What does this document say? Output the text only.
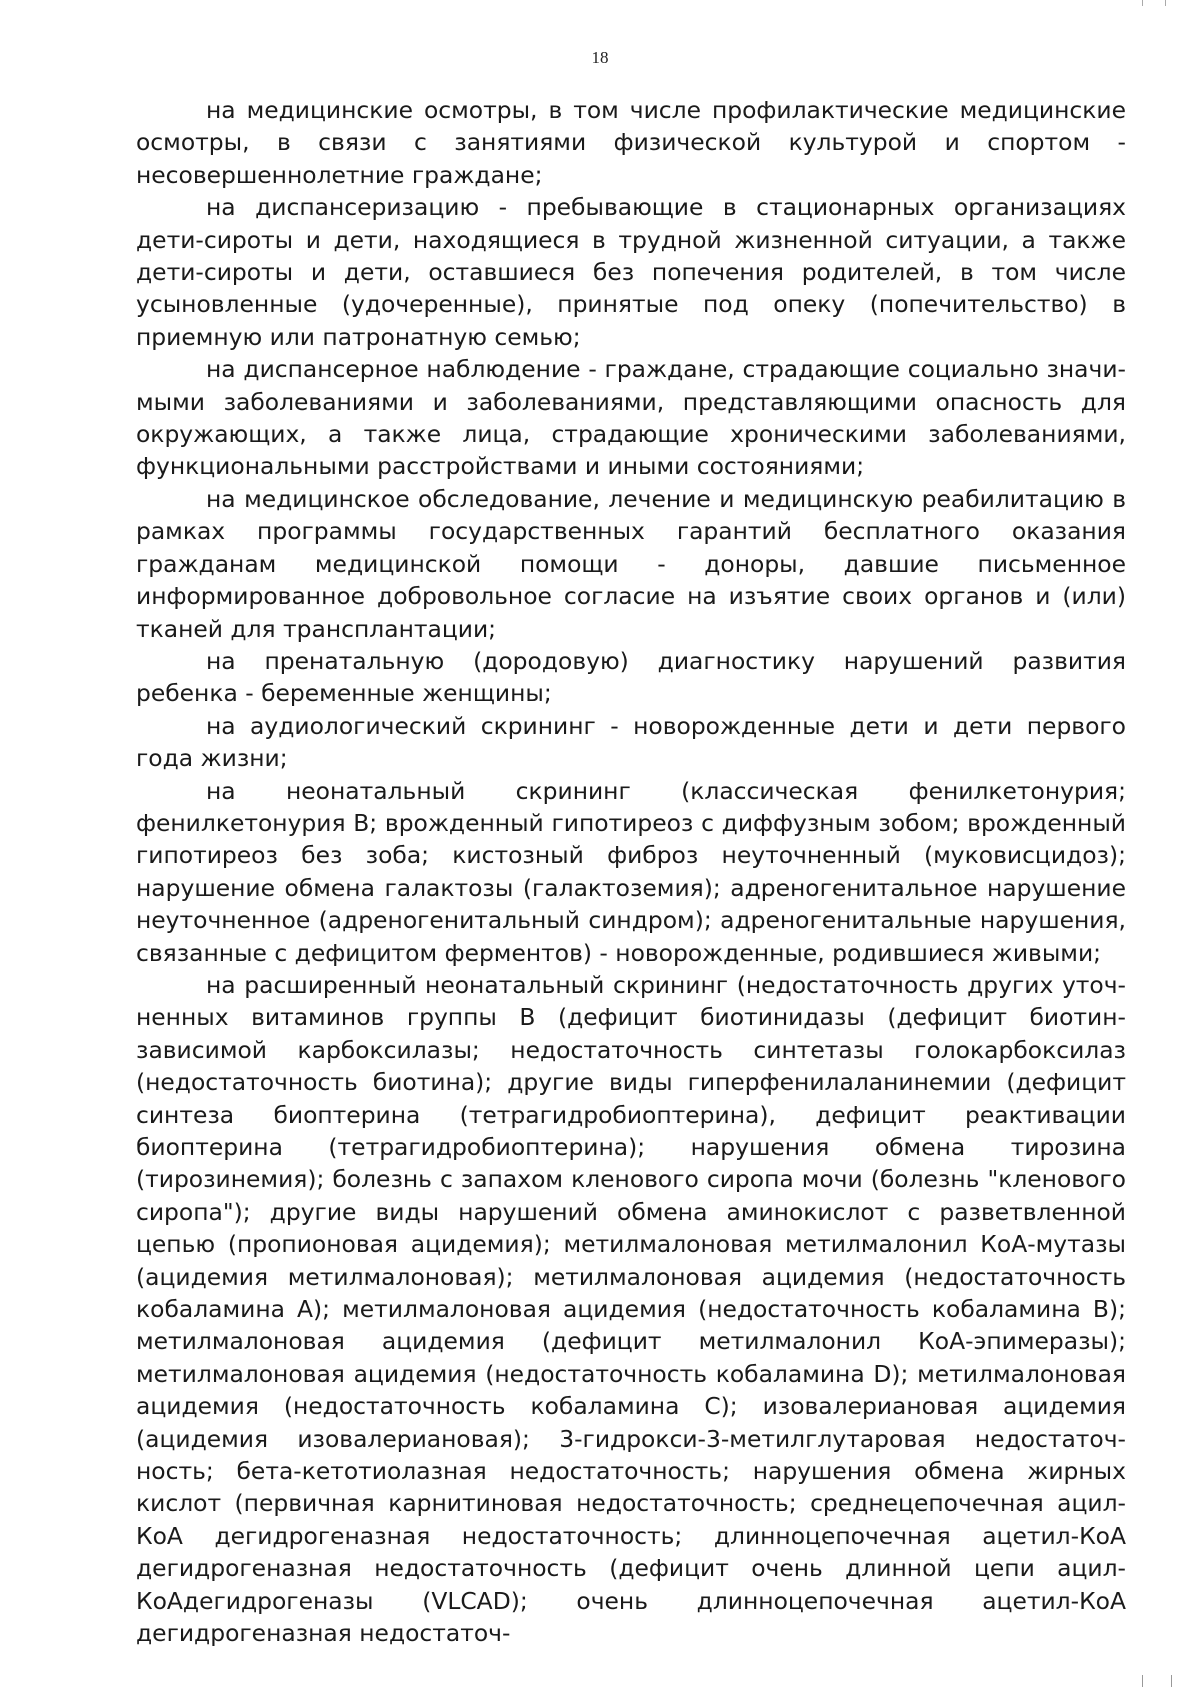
18

на медицинские осмотры, в том числе профилактические медицинские осмотры, в связи с занятиями физической культурой и спортом - несовершеннолетние граждане;

на диспансеризацию - пребывающие в стационарных организациях дети-сироты и дети, находящиеся в трудной жизненной ситуации, а также дети-сироты и дети, оставшиеся без попечения родителей, в том числе усыновленные (удочеренные), принятые под опеку (попечительство) в приемную или патронатную семью;

на диспансерное наблюдение - граждане, страдающие социально значимыми заболеваниями и заболеваниями, представляющими опасность для окружающих, а также лица, страдающие хроническими заболеваниями, функциональными расстройствами и иными состояниями;

на медицинское обследование, лечение и медицинскую реабилитацию в рамках программы государственных гарантий бесплатного оказания гражданам медицинской помощи - доноры, давшие письменное информированное добровольное согласие на изъятие своих органов и (или) тканей для трансплантации;

на пренатальную (дородовую) диагностику нарушений развития ребенка - беременные женщины;

на аудиологический скрининг - новорожденные дети и дети первого года жизни;

на неонатальный скрининг (классическая фенилкетонурия; фенилкетонурия В; врожденный гипотиреоз с диффузным зобом; врожденный гипотиреоз без зоба; кистозный фиброз неуточненный (муковисцидоз); нарушение обмена галактозы (галактоземия); адреногенитальное нарушение неуточненное (адреногенитальный синдром); адреногенитальные нарушения, связанные с дефицитом ферментов) - новорожденные, родившиеся живыми;

на расширенный неонатальный скрининг (недостаточность других уточненных витаминов группы В (дефицит биотинидазы (дефицит биотин-зависимой карбоксилазы; недостаточность синтетазы голокарбоксилаз (недостаточность биотина); другие виды гиперфенилаланинемии (дефицит синтеза биоптерина (тетрагидробиоптерина), дефицит реактивации биоптерина (тетрагидробиоптерина); нарушения обмена тирозина (тирозинемия); болезнь с запахом кленового сиропа мочи (болезнь "кленового сиропа"); другие виды нарушений обмена аминокислот с разветвленной цепью (пропионовая ацидемия); метилмалоновая метилмалонил КоА-мутазы (ацидемия метилмалоновая); метилмалоновая ацидемия (недостаточность кобаламина А); метилмалоновая ацидемия (недостаточность кобаламина В); метилмалоновая ацидемия (дефицит метилмалонил КоА-эпимеразы); метилмалоновая ацидемия (недостаточность кобаламина D); метилмалоновая ацидемия (недостаточность кобаламина С); изовалериановая ацидемия (ацидемия изовалериановая); 3-гидрокси-3-метилглутаровая недостаточность; бета-кетотиолазная недостаточность; нарушения обмена жирных кислот (первичная карнитиновая недостаточность; среднецепочечная ацил-КоА дегидрогеназная недостаточность; длинноцепочечная ацетил-КоА дегидрогеназная недостаточность (дефицит очень длинной цепи ацил-КоАдегидрогеназы (VLCAD); очень длинноцепочечная ацетил-КоА дегидрогеназная недостаточ-
